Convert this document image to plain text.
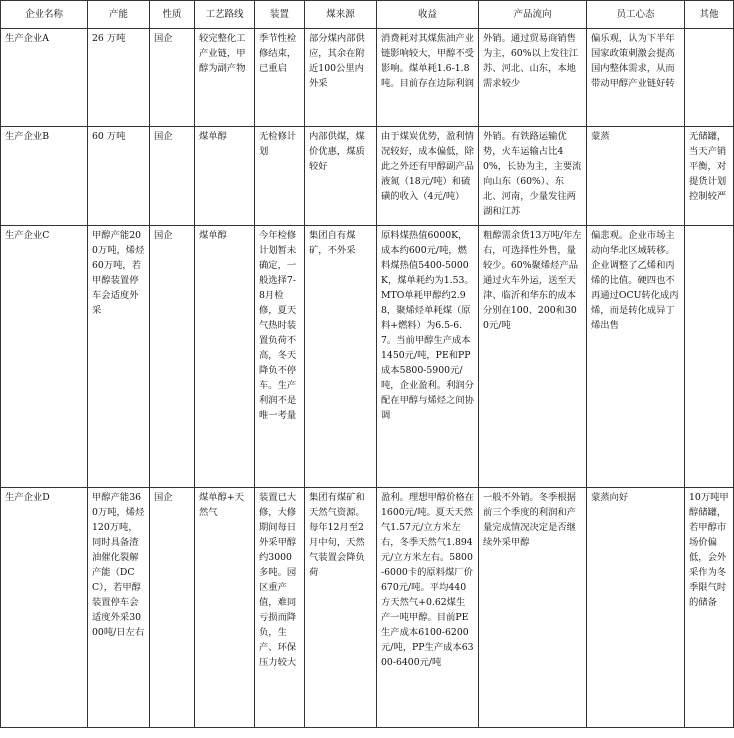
企业名称	产能	性质	工艺路线	装置	煤来源	收益	产品流向	员工心态	其他
生产企业A	26 万吨	国企	较完整化工产业链，甲醇为副产物	季节性检修结束，已重启	部分煤内部供应，其余在附近100公里内外采	消费耗对其煤焦油产业链影响较大，甲醇不受影响。煤单耗1.6-1.8吨。目前存在边际利润	外销。通过贸易商销售为主，60%以上发往江苏、河北、山东，本地需求较少	偏乐观，认为下半年国家政策刺激会提高国内整体需求，从而带动甲醇产业链好转	
生产企业B	60 万吨	国企	煤单醇	无检修计划	内部供煤，煤价优惠，煤质较好	由于煤炭优势，盈利情况较好，成本偏低，除此之外还有甲醇副产品液氮（18元/吨）和硫磺的收入（4元/吨）	外销。有铁路运输优势，火车运输占比40%，长协为主，主要流向山东（60%）、东北、河南，少量发往两湖和江苏	蒙蒸	无储罐，当天产销平衡，对提货计划控制较严
生产企业C	甲醇产能200万吨，烯烃60万吨，若甲醇装置停车会适度外采	国企	煤单醇	今年检修计划暂未确定，一般选择7-8月检修，夏天气热时装置负荷不高，冬天降负不停车。生产利润不是唯一考量	集团自有煤矿，不外采	原料煤热值6000K，成本约600元/吨，燃料煤热值5400-5000K，煤单耗约为1.53。MTO单耗甲醇约2.98，聚烯烃单耗煤（原料+燃料）为6.5-6.7。当前甲醇生产成本1450元/吨，PE和PP成本5800-5900元/吨，企业盈利。利润分配在甲醇与烯烃之间协调	粗醇需余货13万吨/年左右，可选择性外售，量较少。60%聚烯烃产品通过火车外运，送至天津、临沂和华东的成本分别在100、200和300元/吨	偏悲观。企业市场主动向华北区域转移。企业调整了乙烯和丙烯的比值。硬四也不再通过OCU转化成丙烯，而是转化成异丁烯出售	
生产企业D	甲醇产能360万吨，烯烃120万吨，同时具备渣油催化裂解产能（DCC），若甲醇装置停车会适度外采3000吨/日左右	国企	煤单醇+天然气	装置已大修，大修期间每日外采甲醇约3000多吨。园区重产值，难同亏损而降负，生产、环保压力较大	集团有煤矿和天然气资源。每年12月至2月中旬，天然气装置会降负荷	盈利。理想甲醇价格在1600元/吨。夏天天然气1.57元/立方米左右，冬季天然气1.894元/立方米左右。5800-6000卡的原料煤厂价670元/吨。平均440方天然气+0.62煤生产一吨甲醇。目前PE生产成本6100-6200元/吨，PP生产成本6300-6400元/吨	一般不外销。冬季根据前三个季度的利润和产量完成情况决定是否继续外采甲醇	蒙蒸向好	10万吨甲醇储罐，若甲醇市场价偏低，会外采作为冬季限气时的储备
